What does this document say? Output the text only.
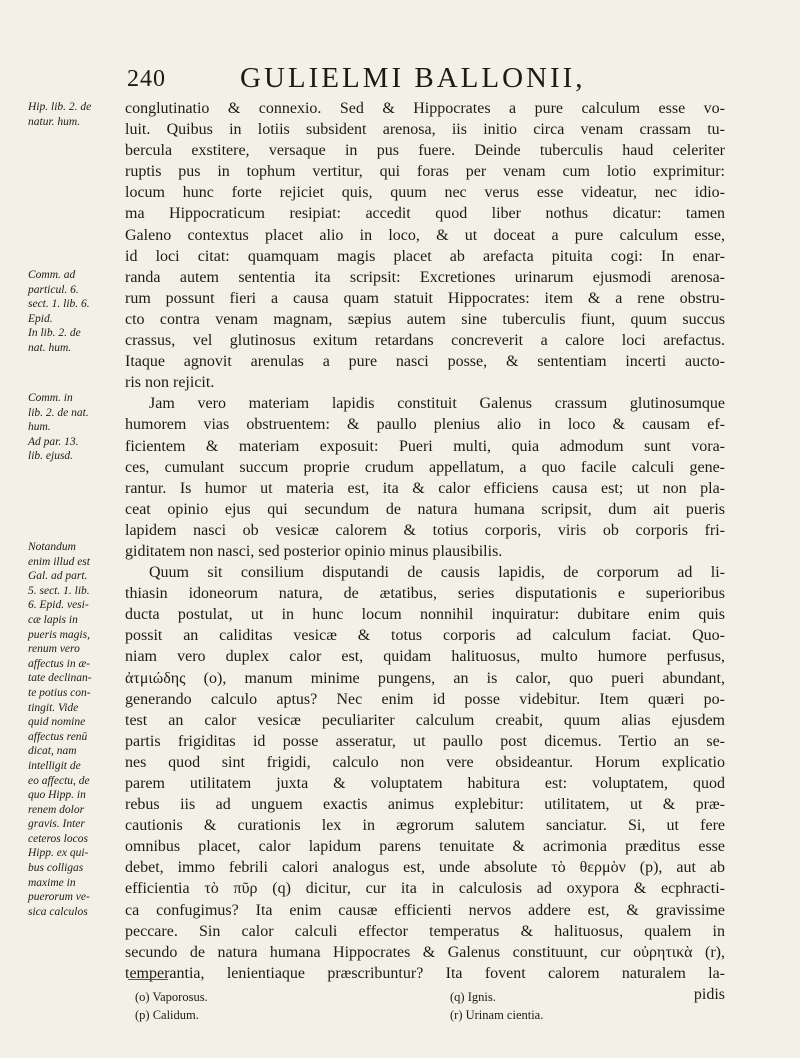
240	GULIELMI BALLONII,
Hip. lib. 2. de
natur. hum.
Comm. ad
particul. 6.
sect. 1. lib. 6.
Epid.
In lib. 2. de
nat. hum.
Comm. in
lib. 2. de nat.
hum.
Ad par. 13.
lib. ejusd.
Notandum
enim illud est
Gal. ad part.
5. sect. 1. lib.
6. Epid. vesi-
cæ lapis in
pueris magis,
renum vero
affectus in æ-
tate declinan-
te potius con-
tingit. Vide
quid nomine
affectus renū
dicat, nam
intelligit de
eo affectu, de
quo Hipp. in
renem dolor
gravis. Inter
ceteros locos
Hipp. ex qui-
bus colligas
maxime in
puerorum ve-
sica calculos
conglutinatio & connexio. Sed & Hippocrates a pure calculum esse vo-
luit. Quibus in lotiis subsident arenosa, iis initio circa venam crassam tu-
bercula exstitere, versaque in pus fuere. Deinde tuberculis haud celeriter
ruptis pus in tophum vertitur, qui foras per venam cum lotio exprimitur:
locum hunc forte rejiciet quis, quum nec verus esse videatur, nec idio-
ma Hippocraticum resipiat: accedit quod liber nothus dicatur: tamen
Galeno contextus placet alio in loco, & ut doceat a pure calculum esse,
id loci citat: quamquam magis placet ab arefacta pituita cogi: In enar-
randa autem sententia ita scripsit: Excretiones urinarum ejusmodi arenosa-
rum possunt fieri a causa quam statuit Hippocrates: item & a rene obstru-
cto contra venam magnam, sæpius autem sine tuberculis fiunt, quum succus
crassus, vel glutinosus exitum retardans concreverit a calore loci arefactus.
Itaque agnovit arenulas a pure nasci posse, & sententiam incerti aucto-
ris non rejicit.
Jam vero materiam lapidis constituit Galenus crassum glutinosumque
humorem vias obstruentem: & paullo plenius alio in loco & causam ef-
ficientem & materiam exposuit: Pueri multi, quia admodum sunt vora-
ces, cumulant succum proprie crudum appellatum, a quo facile calculi gene-
rantur. Is humor ut materia est, ita & calor efficiens causa est; ut non pla-
ceat opinio ejus qui secundum de natura humana scripsit, dum ait pueris
lapidem nasci ob vesicæ calorem & totius corporis, viris ob corporis fri-
giditatem non nasci, sed posterior opinio minus plausibilis.
Quum sit consilium disputandi de causis lapidis, de corporum ad li-
thiasin idoneorum natura, de ætatibus, series disputationis e superioribus
ducta postulat, ut in hunc locum nonnihil inquiratur: dubitare enim quis
possit an caliditas vesicæ & totus corporis ad calculum faciat. Quo-
niam vero duplex calor est, quidam halituosus, multo humore perfusus,
ἀτμιώδης (o), manum minime pungens, an is calor, quo pueri abundant,
generando calculo aptus? Nec enim id posse videbitur. Item quæri po-
test an calor vesicæ peculiariter calculum creabit, quum alias ejusdem
partis frigiditas id posse asseratur, ut paullo post dicemus. Tertio an se-
nes quod sint frigidi, calculo non vere obsideantur. Horum explicatio
parem utilitatem juxta & voluptatem habitura est: voluptatem, quod
rebus iis ad unguem exactis animus explebitur: utilitatem, ut & præ-
cautionis & curationis lex in ægrorum salutem sanciatur. Si, ut fere
omnibus placet, calor lapidum parens tenuitate & acrimonia præditus esse
debet, immo febrili calori analogus est, unde absolute τὸ θερμὸν (p), aut ab
efficientia τὸ πῦρ (q) dicitur, cur ita in calculosis ad oxypora & ecphracti-
ca confugimus? Ita enim causæ efficienti nervos addere est, & gravissime
peccare. Sin calor calculi effector temperatus & halituosus, qualem in
secundo de natura humana Hippocrates & Galenus constituunt, cur οὐρητικὰ (r),
temperantia, lenientiaque præscribuntur? Ita fovent calorem naturalem la-
pidis
(o) Vaporosus.
(p) Calidum.
(q) Ignis.
(r) Urinam cientia.
